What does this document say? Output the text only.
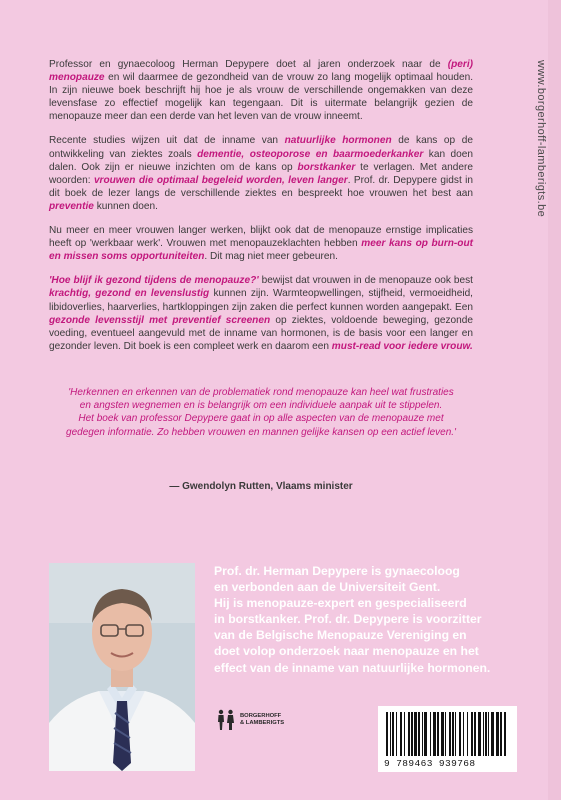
www.borgerhoff-lamberigts.be

Professor en gynaecoloog Herman Depypere doet al jaren onderzoek naar de (peri) menopauze en wil daarmee de gezondheid van de vrouw zo lang mogelijk optimaal houden. In zijn nieuwe boek beschrijft hij hoe je als vrouw de verschillende ongemakken van deze levensfase zo effectief mogelijk kan tegengaan. Dit is uitermate belangrijk gezien de menopauze meer dan een derde van het leven van de vrouw inneemt.

Recente studies wijzen uit dat de inname van natuurlijke hormonen de kans op de ontwikkeling van ziektes zoals dementie, osteoporose en baarmoederkanker kan doen dalen. Ook zijn er nieuwe inzichten om de kans op borstkanker te verlagen. Met andere woorden: vrouwen die optimaal begeleid worden, leven langer. Prof. dr. Depypere gidst in dit boek de lezer langs de verschillende ziektes en bespreekt hoe vrouwen het best aan preventie kunnen doen.

Nu meer en meer vrouwen langer werken, blijkt ook dat de menopauze ernstige implicaties heeft op 'werkbaar werk'. Vrouwen met menopauzeklachten hebben meer kans op burn-out en missen soms opportuniteiten. Dit mag niet meer gebeuren.

'Hoe blijf ik gezond tijdens de menopauze?' bewijst dat vrouwen in de menopauze ook best krachtig, gezond en levenslustig kunnen zijn. Warmteopwellingen, stijfheid, vermoeidheid, libidoverlies, haarverlies, hartkloppingen zijn zaken die perfect kunnen worden aangepakt. Een gezonde levensstijl met preventief screenen op ziektes, voldoende beweging, gezonde voeding, eventueel aangevuld met de inname van hormonen, is de basis voor een langer en gezonder leven. Dit boek is een compleet werk en daarom een must-read voor iedere vrouw.

'Herkennen en erkennen van de problematiek rond menopauze kan heel wat frustraties
en angsten wegnemen en is belangrijk om een individuele aanpak uit te stippelen.
Het boek van professor Depypere gaat in op alle aspecten van de menopauze met
gedegen informatie. Zo hebben vrouwen en mannen gelijke kansen op een actief leven.'
— Gwendolyn Rutten, Vlaams minister
Prof. dr. Herman Depypere is gynaecoloog
en verbonden aan de Universiteit Gent.
Hij is menopauze-expert en gespecialiseerd
in borstkanker. Prof. dr. Depypere is voorzitter
van de Belgische Menopauze Vereniging en
doet volop onderzoek naar menopauze en het
effect van de inname van natuurlijke hormonen.
BORGERHOFF
& LAMBERIGTS
9 789463 939768
